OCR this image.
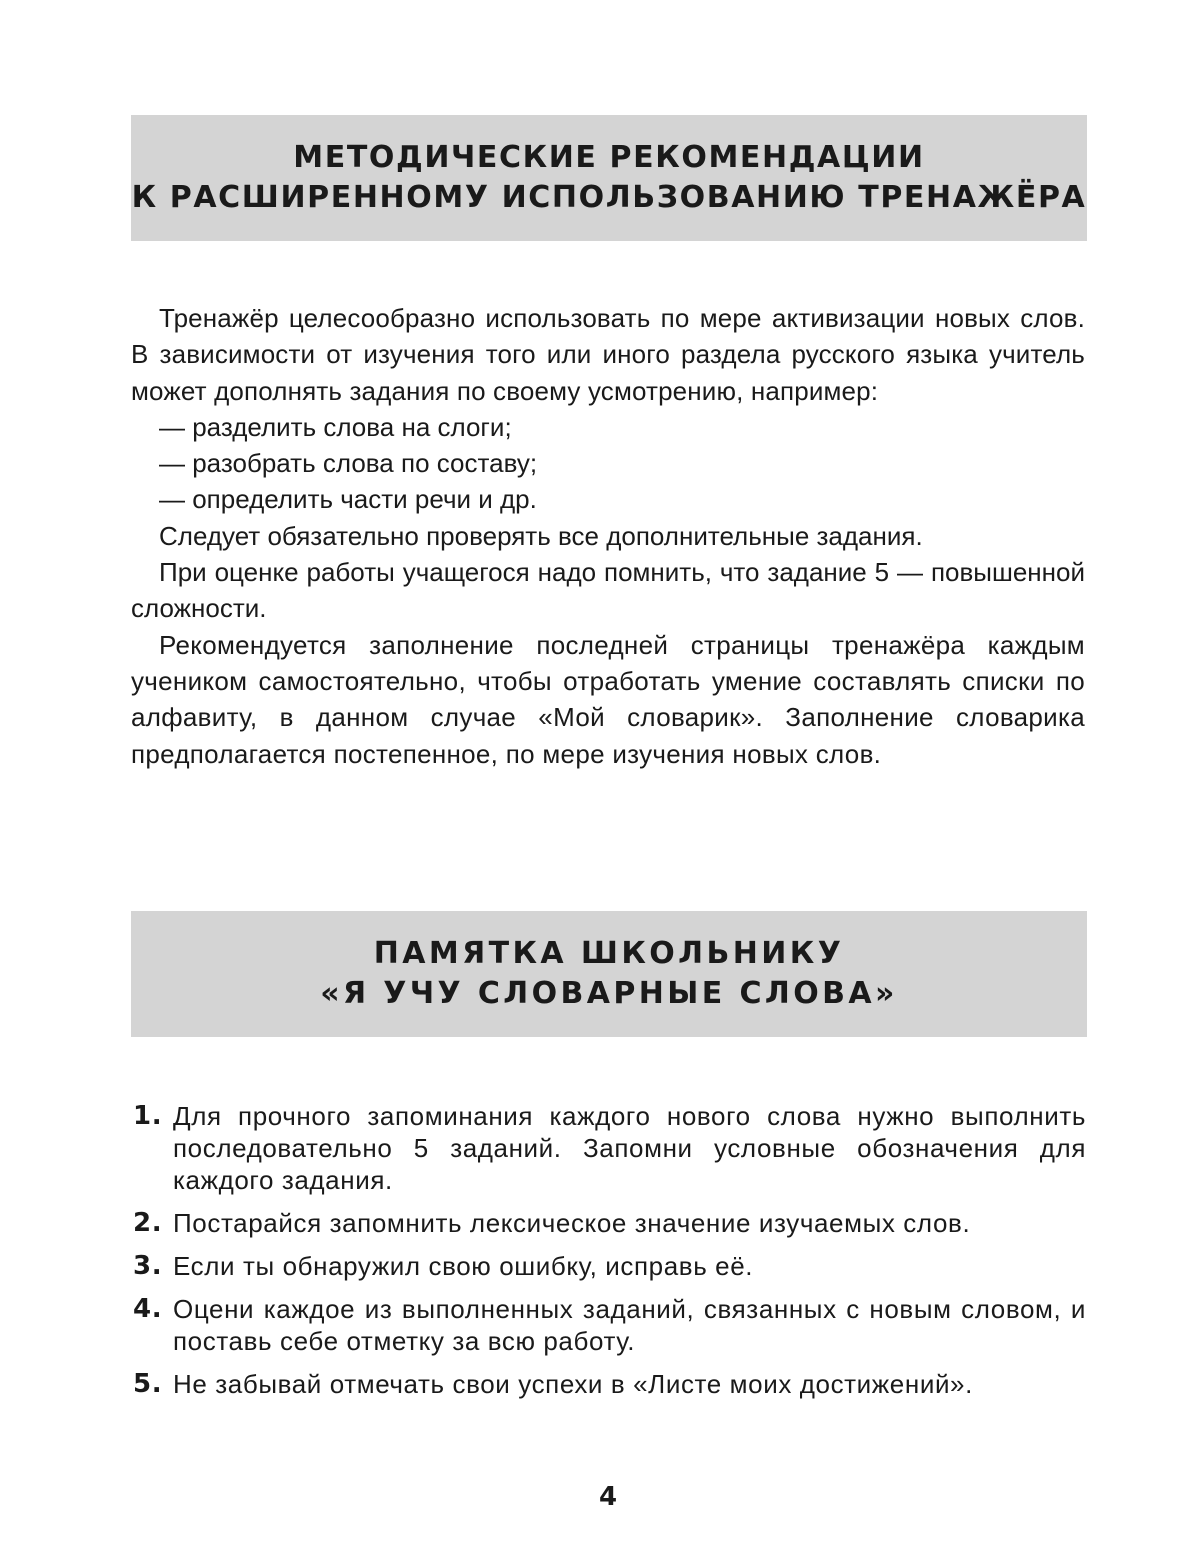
МЕТОДИЧЕСКИЕ РЕКОМЕНДАЦИИ
К РАСШИРЕННОМУ ИСПОЛЬЗОВАНИЮ ТРЕНАЖЁРА

Тренажёр целесообразно использовать по мере активизации новых слов. В зависимости от изучения того или иного раздела русского языка учитель может дополнять задания по своему усмотрению, например:

— разделить слова на слоги;

— разобрать слова по составу;

— определить части речи и др.

Следует обязательно проверять все дополнительные задания.

При оценке работы учащегося надо помнить, что задание 5 — повышенной сложности.

Рекомендуется заполнение последней страницы тренажёра каждым учеником самостоятельно, чтобы отработать умение составлять списки по алфавиту, в данном случае «Мой словарик». Заполнение словарика предполагается постепенное, по мере изучения новых слов.

ПАМЯТКА ШКОЛЬНИКУ
«Я УЧУ СЛОВАРНЫЕ СЛОВА»
1. Для прочного запоминания каждого нового слова нужно выполнить последовательно 5 заданий. Запомни условные обозначения для каждого задания.
2. Постарайся запомнить лексическое значение изучаемых слов.
3. Если ты обнаружил свою ошибку, исправь её.
4. Оцени каждое из выполненных заданий, связанных с новым словом, и поставь себе отметку за всю работу.
5. Не забывай отмечать свои успехи в «Листе моих достижений».
4
